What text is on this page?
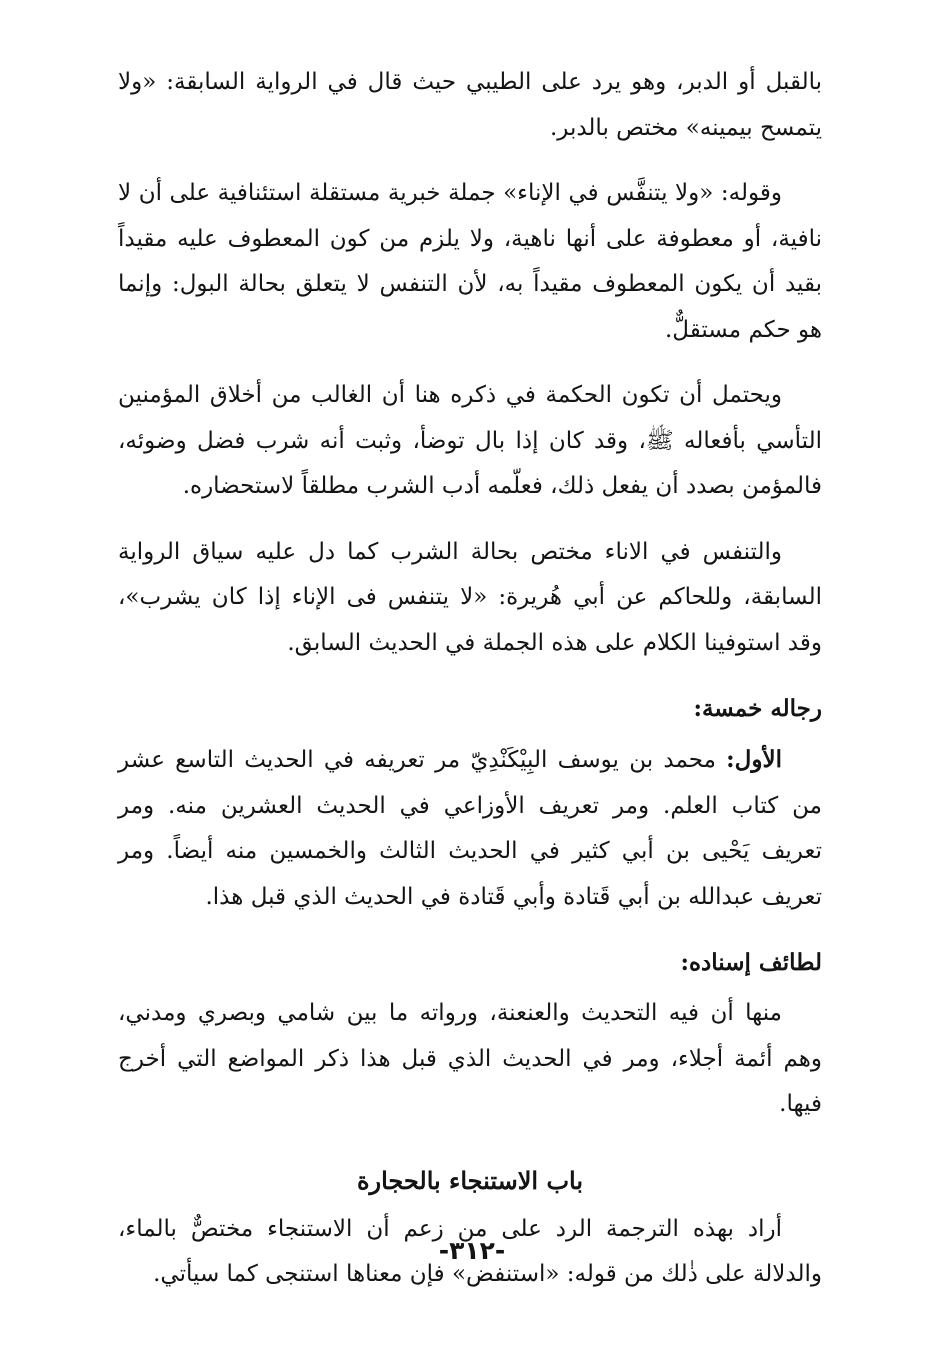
بالقبل أو الدبر، وهو يرد على الطيبي حيث قال في الرواية السابقة: «ولا يتمسح بيمينه» مختص بالدبر.

وقوله: «ولا يتنفَّس في الإناء» جملة خبرية مستقلة استئنافية على أن لا نافية، أو معطوفة على أنها ناهية، ولا يلزم من كون المعطوف عليه مقيداً بقيد أن يكون المعطوف مقيداً به، لأن التنفس لا يتعلق بحالة البول: وإنما هو حكم مستقلٌّ.

ويحتمل أن تكون الحكمة في ذكره هنا أن الغالب من أخلاق المؤمنين التأسي بأفعاله ﷺ، وقد كان إذا بال توضأ، وثبت أنه شرب فضل وضوئه، فالمؤمن بصدد أن يفعل ذلك، فعلّمه أدب الشرب مطلقاً لاستحضاره.

والتنفس في الاناء مختص بحالة الشرب كما دل عليه سياق الرواية السابقة، وللحاكم عن أبي هُريرة: «لا يتنفس فى الإناء إذا كان يشرب»، وقد استوفينا الكلام على هذه الجملة في الحديث السابق.

رجاله خمسة:

الأول: محمد بن يوسف البِيْكَنْدِيّ مر تعريفه في الحديث التاسع عشر من كتاب العلم. ومر تعريف الأوزاعي في الحديث العشرين منه. ومر تعريف يَحْيى بن أبي كثير في الحديث الثالث والخمسين منه أيضاً. ومر تعريف عبدالله بن أبي قَتادة وأبي قَتادة في الحديث الذي قبل هذا.

لطائف إسناده:

منها أن فيه التحديث والعنعنة، ورواته ما بين شامي وبصري ومدني، وهم أئمة أجلاء، ومر في الحديث الذي قبل هذا ذكر المواضع التي أخرج فيها.

باب الاستنجاء بالحجارة

أراد بهذه الترجمة الرد على من زعم أن الاستنجاء مختصٌّ بالماء، والدلالة على ذٰلك من قوله: «استنفض» فإن معناها استنجى كما سيأتي.

-٣١٢-
